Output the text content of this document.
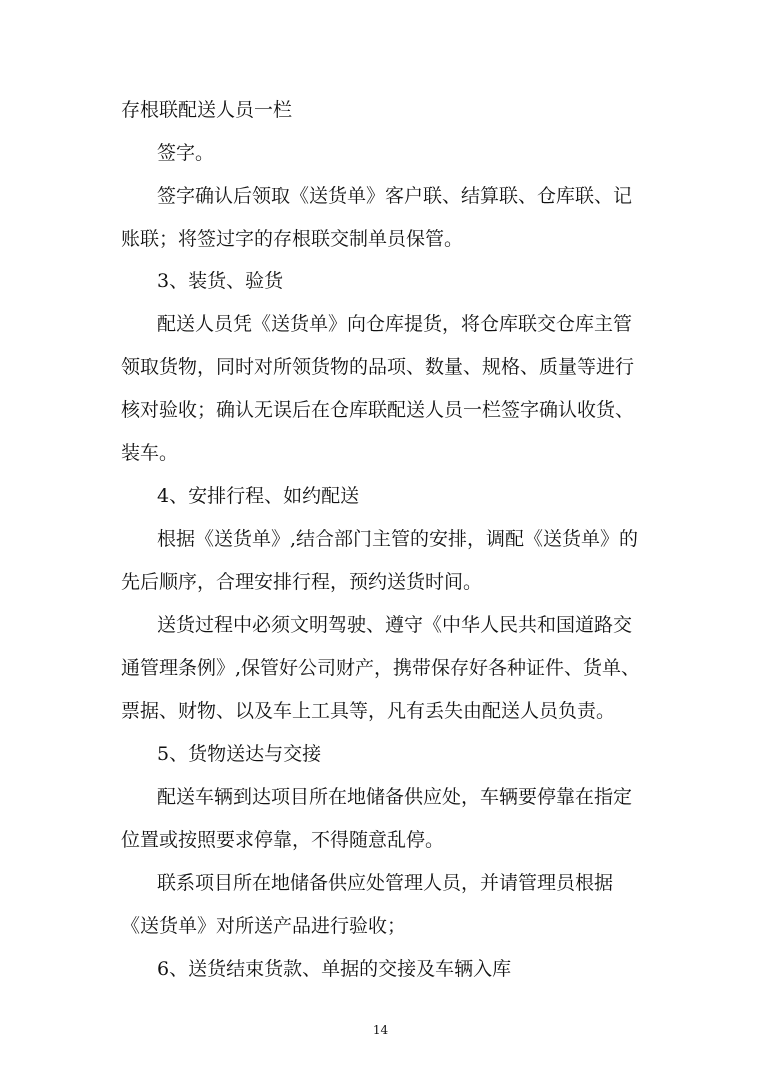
存根联配送人员一栏
签字。
签字确认后领取《送货单》客户联、结算联、仓库联、记
账联；将签过字的存根联交制单员保管。
3、装货、验货
配送人员凭《送货单》向仓库提货，将仓库联交仓库主管
领取货物，同时对所领货物的品项、数量、规格、质量等进行
核对验收；确认无误后在仓库联配送人员一栏签字确认收货、
装车。
4、安排行程、如约配送
根据《送货单》,结合部门主管的安排，调配《送货单》的
先后顺序，合理安排行程，预约送货时间。
送货过程中必须文明驾驶、遵守《中华人民共和国道路交
通管理条例》,保管好公司财产，携带保存好各种证件、货单、
票据、财物、以及车上工具等，凡有丢失由配送人员负责。
5、货物送达与交接
配送车辆到达项目所在地储备供应处，车辆要停靠在指定
位置或按照要求停靠，不得随意乱停。
联系项目所在地储备供应处管理人员，并请管理员根据
《送货单》对所送产品进行验收；
6、送货结束货款、单据的交接及车辆入库
14
